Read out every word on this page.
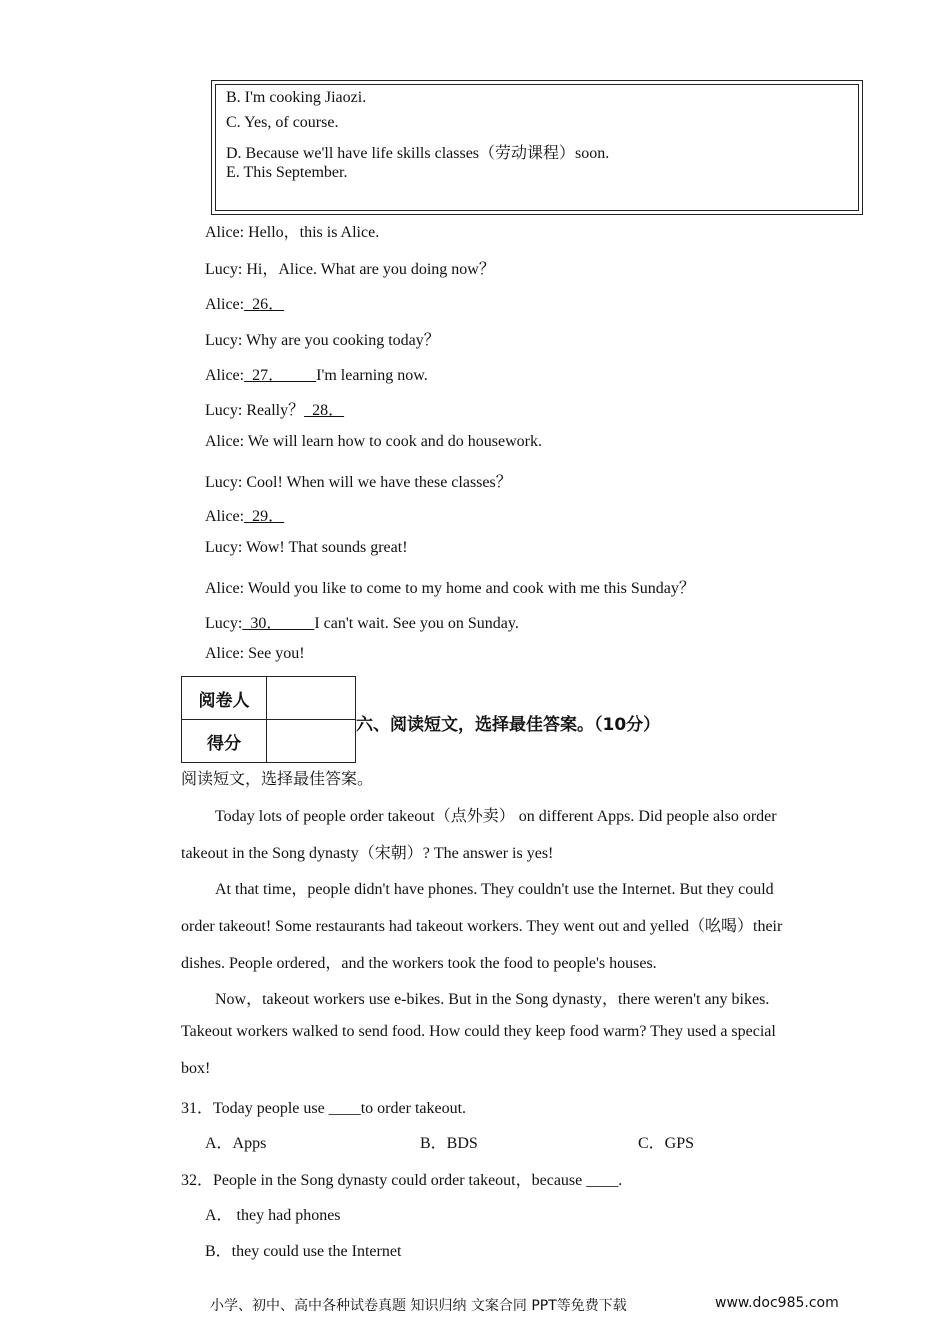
B. I'm cooking Jiaozi.
C. Yes, of course.
D. Because we'll have life skills classes（劳动课程）soon.
E. This September.
Alice: Hello，this is Alice.
Lucy: Hi，Alice. What are you doing now？
Alice:  26．
Lucy: Why are you cooking today？
Alice:  27．        I'm learning now.
Lucy: Really？  28．
Alice: We will learn how to cook and do housework.
Lucy: Cool! When will we have these classes？
Alice:  29．
Lucy: Wow! That sounds great!
Alice: Would you like to come to my home and cook with me this Sunday？
Lucy:  30．        I can't wait. See you on Sunday.
Alice: See you!
阅卷人	
得分	
六、阅读短文，选择最佳答案。（10分）
阅读短文，选择最佳答案。
Today lots of people order takeout（点外卖） on different Apps. Did people also order
takeout in the Song dynasty（宋朝）? The answer is yes!
At that time，people didn't have phones. They couldn't use the Internet. But they could
order takeout! Some restaurants had takeout workers. They went out and yelled（吆喝）their
dishes. People ordered，and the workers took the food to people's houses.
Now，takeout workers use e-bikes. But in the Song dynasty，there weren't any bikes.
Takeout workers walked to send food. How could they keep food warm? They used a special
box!
31．Today people use ____to order takeout.
A．Apps	B．BDS	C．GPS
32．People in the Song dynasty could order takeout，because ____.
A． they had phones
B．they could use the Internet
小学、初中、高中各种试卷真题 知识归纳 文案合同 PPT等免费下载	www.doc985.com
